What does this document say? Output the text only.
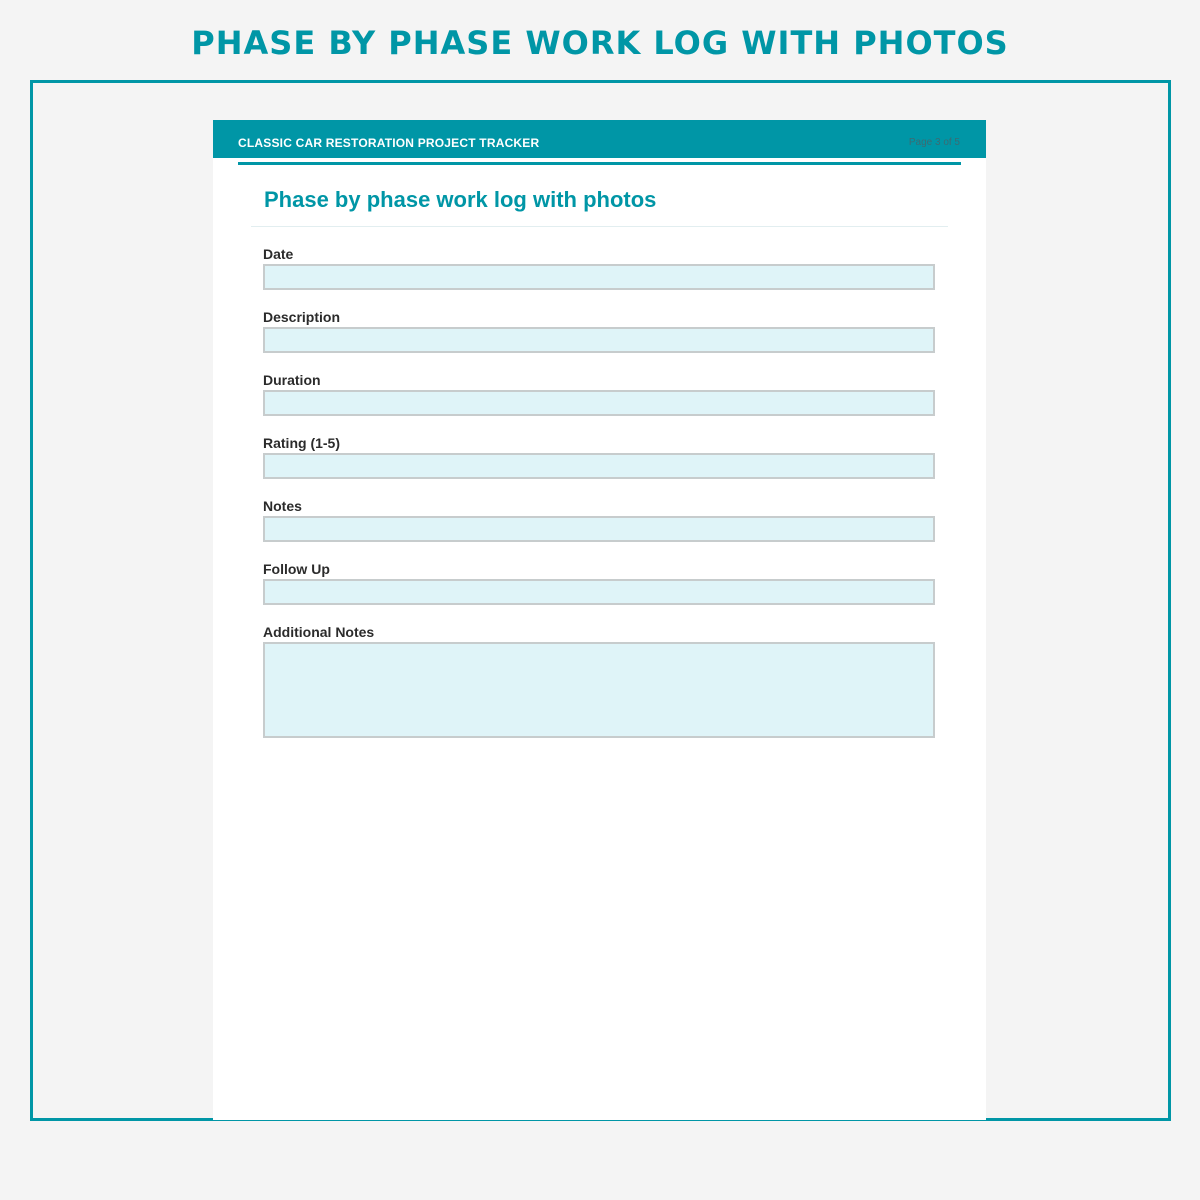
PHASE BY PHASE WORK LOG WITH PHOTOS
CLASSIC CAR RESTORATION PROJECT TRACKER	Page 3 of 5
Phase by phase work log with photos
Date
Description
Duration
Rating (1-5)
Notes
Follow Up
Additional Notes
